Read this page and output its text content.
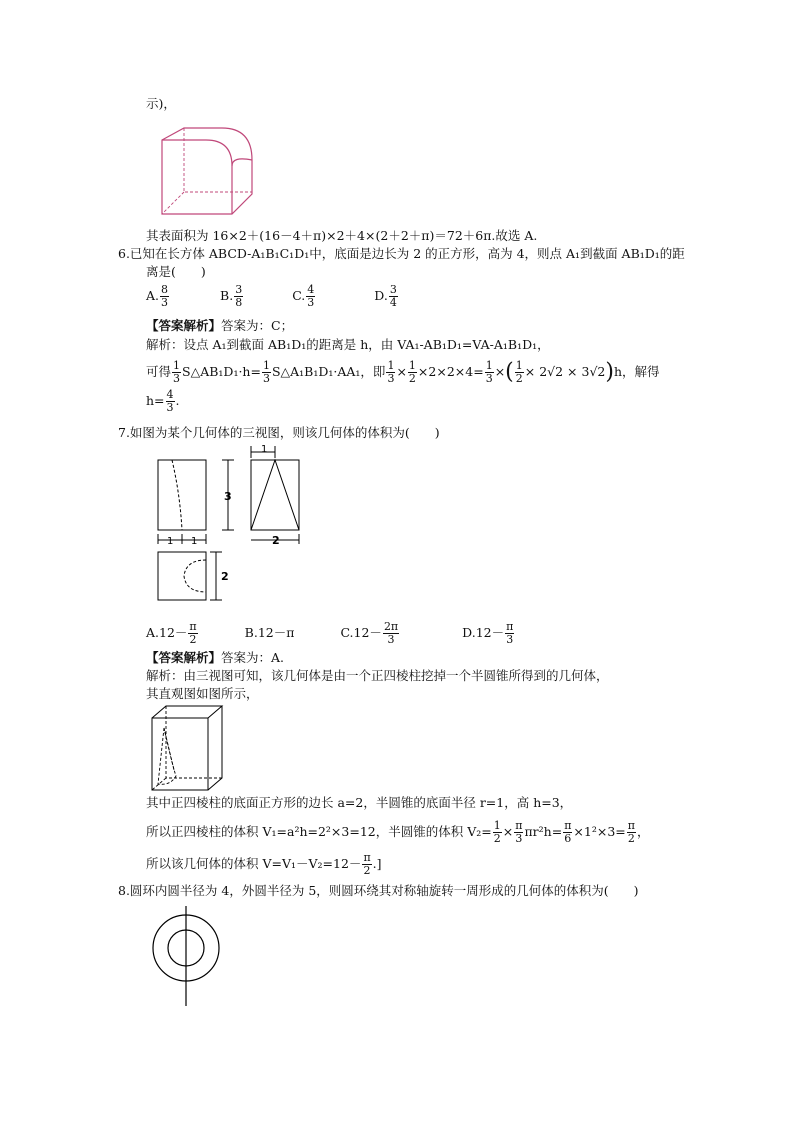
示)，
其表面积为 16×2＋(16－4＋π)×2＋4×(2＋2＋π)＝72＋6π.故选 A.
6.已知在长方体 ABCD-A₁B₁C₁D₁中，底面是边长为 2 的正方形，高为 4，则点 A₁到截面 AB₁D₁的距
离是(　　)
A. $\frac{8}{3}$	B. $\frac{3}{8}$	C. $\frac{4}{3}$	D. $\frac{3}{4}$
【答案解析】答案为：C；
解析：设点 A₁到截面 AB₁D₁的距离是 h，由 VA₁-AB₁D₁=VA-A₁B₁D₁，
可得 $\frac{1}{3}$ S△AB₁D₁·h= $\frac{1}{3}$ S△A₁B₁D₁·AA₁，即 $\frac{1}{3} \times \frac{1}{2} \times 2\times 2\times 4= \frac{1}{3}$ ×( $\frac{1}{2} \times 2√2 \times 3√2)h$，解得
$h= \frac{4}{3}$ .
7.如图为某个几何体的三视图，则该几何体的体积为(　　)
1
3
2
1 1
2
$A.12- \frac{\pi}{2}$	B.12－π	$C.12- \frac{2\pi}{3}$	$D.12- \frac{\pi}{3}$
【答案解析】答案为：A.
解析：由三视图可知，该几何体是由一个正四棱柱挖掉一个半圆锥所得到的几何体，
其直观图如图所示，
其中正四棱柱的底面正方形的边长 a=2，半圆锥的底面半径 r=1，高 h=3，
所以正四棱柱的体积 V₁=a²h=2²×3=12，半圆锥的体积 $V_2= \frac{1}{2} \times \frac{\pi}{3} \pi r^2h= \frac{\pi}{6} \times 1^2\times 3= \frac{\pi}{2}$ ，
所以该几何体的体积 $V=V_1-V_2=12- \frac{\pi}{2}$ .]
8.圆环内圆半径为 4，外圆半径为 5，则圆环绕其对称轴旋转一周形成的几何体的体积为(　　)
